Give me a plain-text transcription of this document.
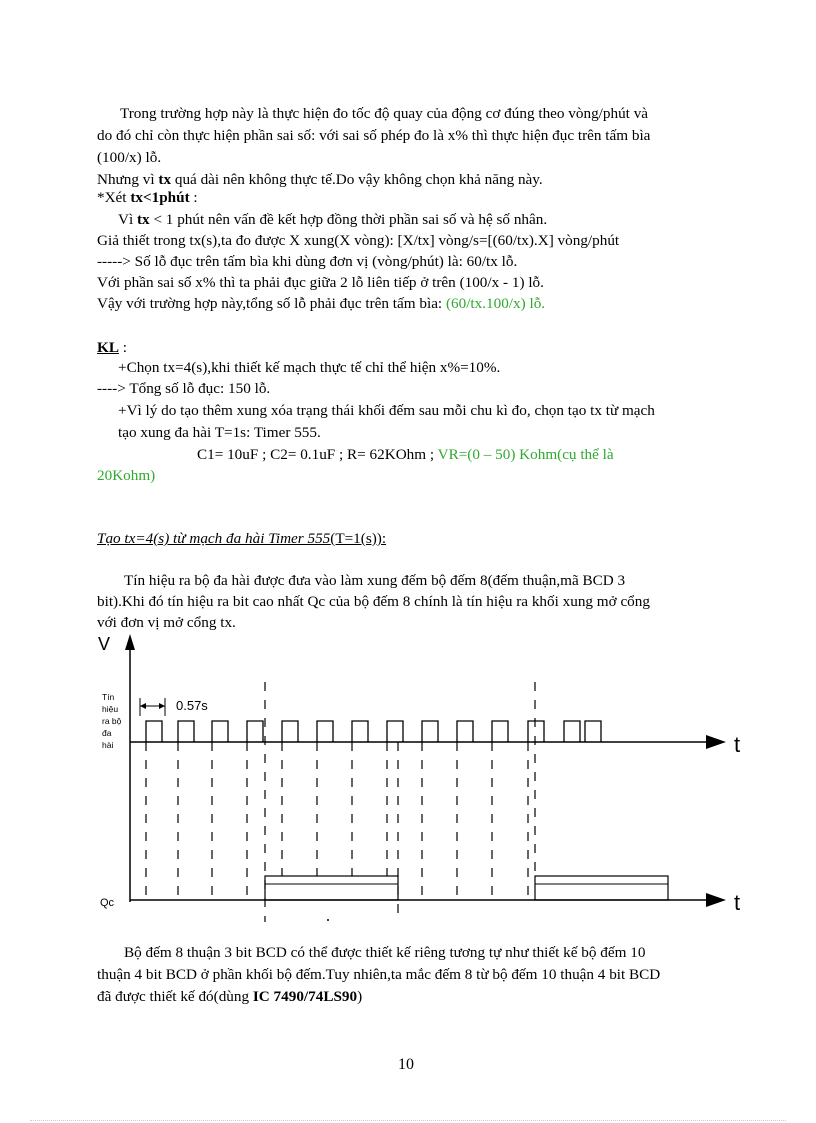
Trong trường hợp này là thực hiện đo tốc độ quay của động cơ đúng theo vòng/phút và
do đó chỉ còn thực hiện phần sai số: với sai số phép đo là x% thì thực hiện đục trên tấm bìa
(100/x) lỗ.
Nhưng vì tx quá dài nên không thực tế.Do vậy không chọn khả năng này.
*Xét tx<1phút :
Vì tx < 1 phút nên vấn đề kết hợp đồng thời phần sai số và hệ số nhân.
Giả thiết trong tx(s),ta đo được X xung(X vòng): [X/tx] vòng/s=[(60/tx).X] vòng/phút
-----> Số lỗ đục trên tấm bìa khi dùng đơn vị (vòng/phút) là: 60/tx lỗ.
Với phần sai số x% thì ta phải đục giữa 2 lỗ liên tiếp ở trên (100/x - 1) lỗ.
Vậy với trường hợp này,tổng số lỗ phải đục trên tấm bìa: (60/tx.100/x) lỗ.
KL :
+Chọn tx=4(s),khi thiết kế mạch thực tế chỉ thể hiện x%=10%.
----> Tổng số lỗ đục: 150 lỗ.
+Vì lý do tạo thêm xung xóa trạng thái khối đếm sau mỗi chu kì đo, chọn tạo tx từ mạch
tạo xung đa hài T=1s: Timer 555.
C1= 10uF ; C2= 0.1uF ; R= 62KOhm ; VR=(0 – 50) Kohm(cụ thể là
20Kohm)
Tạo tx=4(s) từ mạch đa hài Timer 555(T=1(s)):
Tín hiệu ra bộ đa hài được đưa vào làm xung đếm bộ đếm 8(đếm thuận,mã BCD 3
bit).Khi đó tín hiệu ra bit cao nhất Qc của bộ đếm 8 chính là tín hiệu ra khối xung mở cổng
với đơn vị mở cổng tx.
V
Tín
hiệu
ra bộ
đa
hài
0.57s
t
Qc	t
Bộ đếm 8 thuận 3 bit BCD có thể được thiết kế riêng tương tự như thiết kế bộ đếm 10
thuận 4 bit BCD ở phần khối bộ đếm.Tuy nhiên,ta mắc đếm 8 từ bộ đếm 10 thuận 4 bit BCD
đã được thiết kế đó(dùng IC 7490/74LS90)
10
